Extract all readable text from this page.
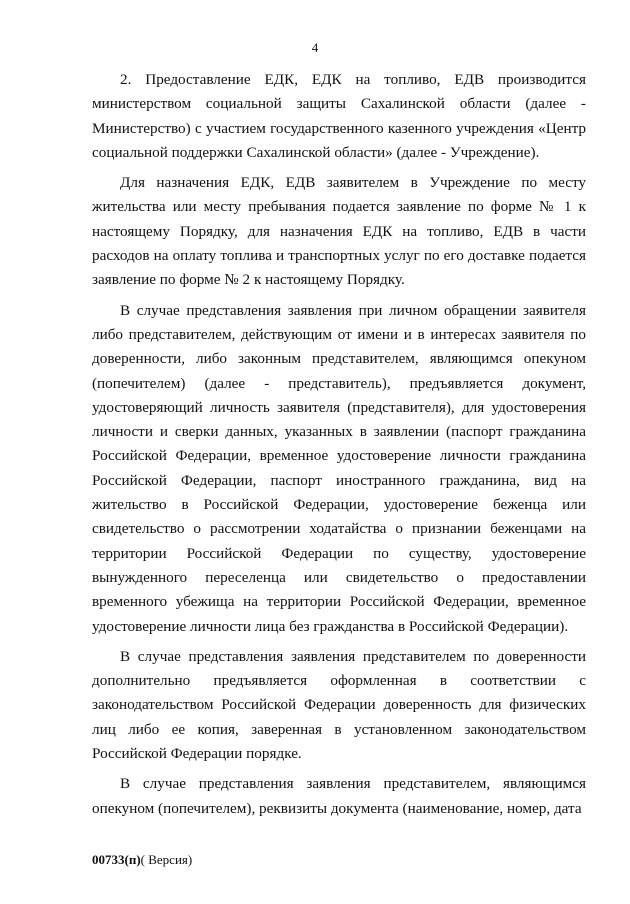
4

2. Предоставление ЕДК, ЕДК на топливо, ЕДВ производится министерством социальной защиты Сахалинской области (далее - Министерство) с участием государственного казенного учреждения «Центр социальной поддержки Сахалинской области» (далее - Учреждение).

Для назначения ЕДК, ЕДВ заявителем в Учреждение по месту жительства или месту пребывания подается заявление по форме № 1 к настоящему Порядку, для назначения ЕДК на топливо, ЕДВ в части расходов на оплату топлива и транспортных услуг по его доставке подается заявление по форме № 2 к настоящему Порядку.

В случае представления заявления при личном обращении заявителя либо представителем, действующим от имени и в интересах заявителя по доверенности, либо законным представителем, являющимся опекуном (попечителем) (далее - представитель), предъявляется документ, удостоверяющий личность заявителя (представителя), для удостоверения личности и сверки данных, указанных в заявлении (паспорт гражданина Российской Федерации, временное удостоверение личности гражданина Российской Федерации, паспорт иностранного гражданина, вид на жительство в Российской Федерации, удостоверение беженца или свидетельство о рассмотрении ходатайства о признании беженцами на территории Российской Федерации по существу, удостоверение вынужденного переселенца или свидетельство о предоставлении временного убежища на территории Российской Федерации, временное удостоверение личности лица без гражданства в Российской Федерации).

В случае представления заявления представителем по доверенности дополнительно предъявляется оформленная в соответствии с законодательством Российской Федерации доверенность для физических лиц либо ее копия, заверенная в установленном законодательством Российской Федерации порядке.

В случае представления заявления представителем, являющимся опекуном (попечителем), реквизиты документа (наименование, номер, дата

00733(п)( Версия)
